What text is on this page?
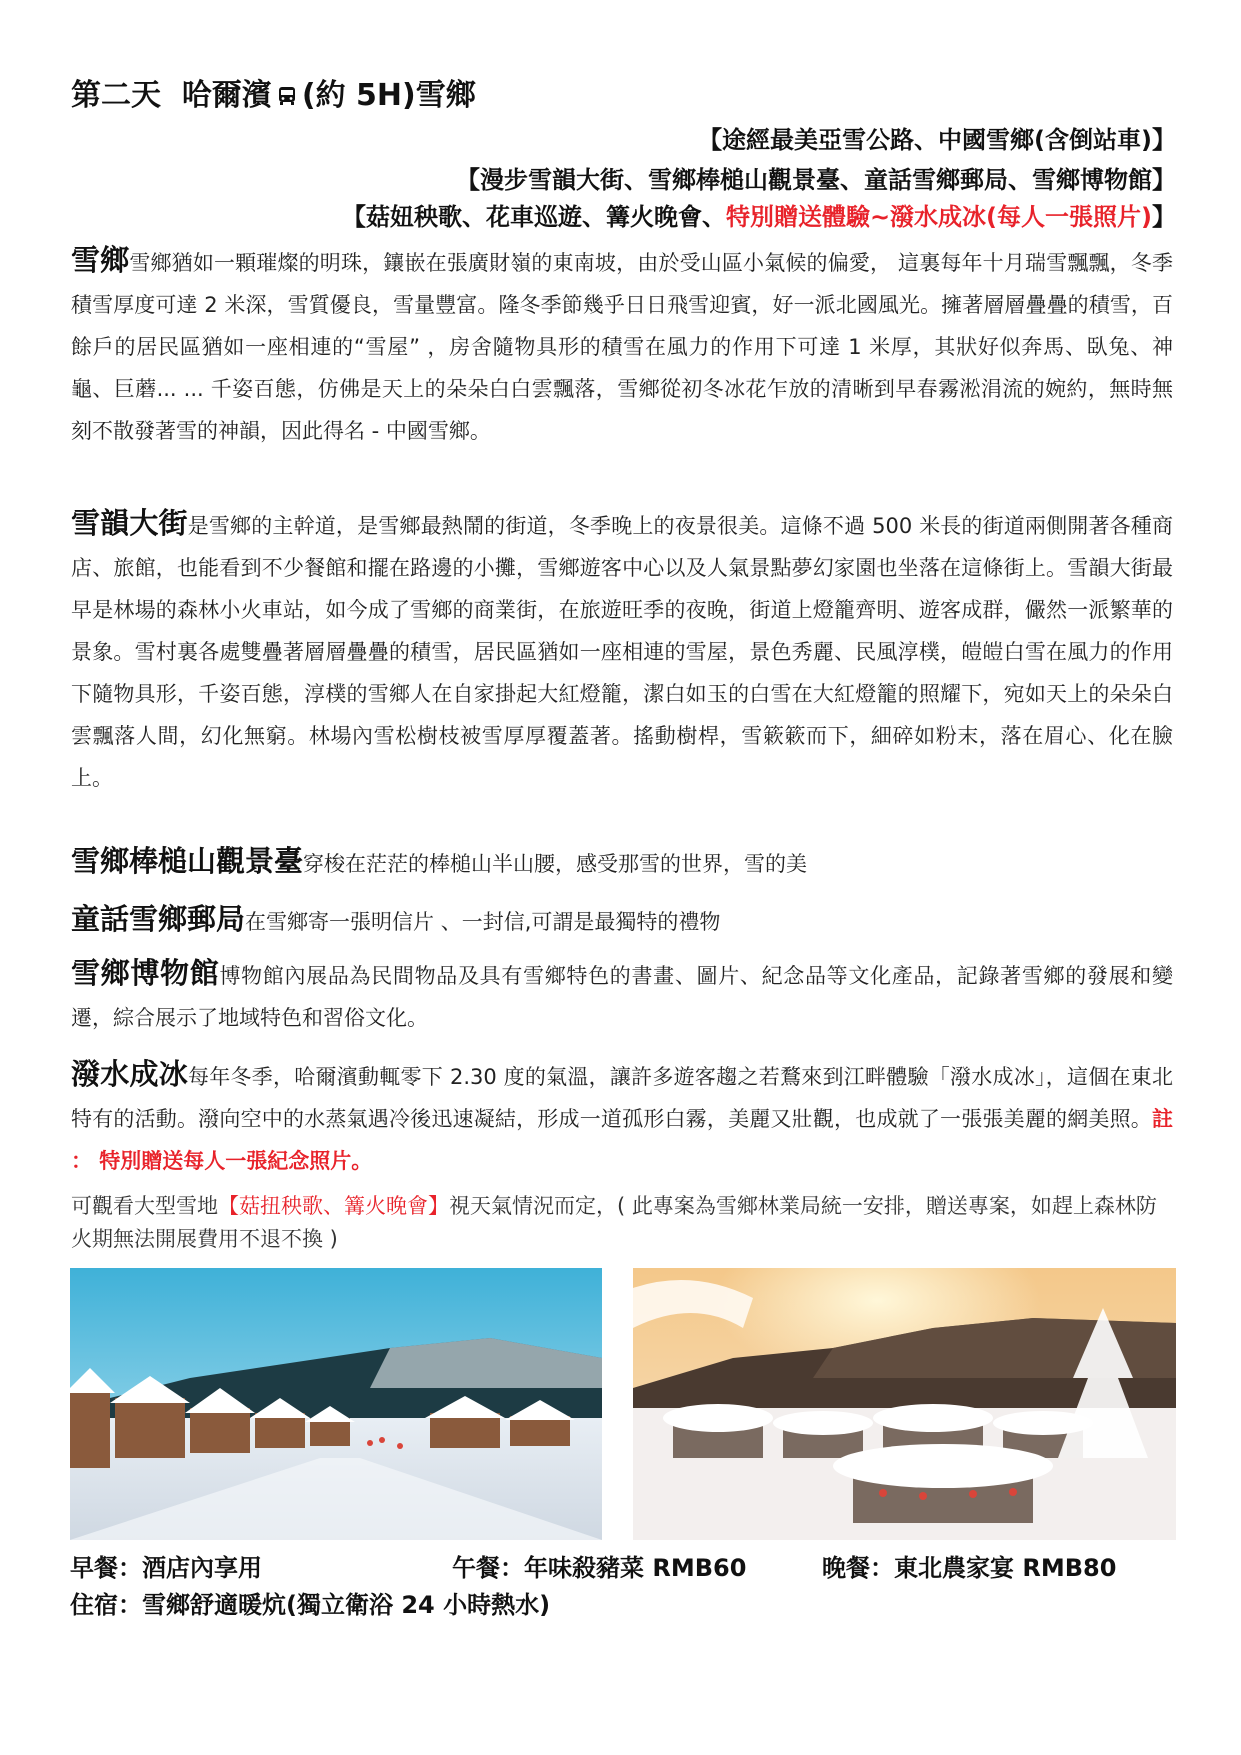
第二天 哈爾濱 (約 5H)雪鄉
【途經最美亞雪公路、中國雪鄉(含倒站車)】
【漫步雪韻大街、雪鄉棒槌山觀景臺、童話雪鄉郵局、雪鄉博物館】
【菇妞秧歌、花車巡遊、篝火晚會、特別贈送體驗~潑水成冰(每人一張照片)】
雪鄉雪鄉猶如一顆璀燦的明珠，鑲嵌在張廣財嶺的東南坡，由於受山區小氣候的偏愛， 這裏每年十月瑞雪飄飄，冬季積雪厚度可達 2 米深，雪質優良，雪量豐富。隆冬季節幾乎日日飛雪迎賓，好一派北國風光。擁著層層疊疊的積雪，百餘戶的居民區猶如一座相連的“雪屋” ，房舍隨物具形的積雪在風力的作用下可達 1 米厚，其狀好似奔馬、臥兔、神龜、巨蘑... ... 千姿百態，仿佛是天上的朵朵白白雲飄落，雪鄉從初冬冰花乍放的清晰到早春霧淞涓流的婉約，無時無刻不散發著雪的神韻，因此得名 - 中國雪鄉。
雪韻大街是雪鄉的主幹道，是雪鄉最熱鬧的街道，冬季晚上的夜景很美。這條不過 500 米長的街道兩側開著各種商店、旅館，也能看到不少餐館和擺在路邊的小攤，雪鄉遊客中心以及人氣景點夢幻家園也坐落在這條街上。雪韻大街最早是林場的森林小火車站，如今成了雪鄉的商業街，在旅遊旺季的夜晚，街道上燈籠齊明、遊客成群，儼然一派繁華的景象。雪村裏各處雙疊著層層疊疊的積雪，居民區猶如一座相連的雪屋，景色秀麗、民風淳樸，皚皚白雪在風力的作用下隨物具形，千姿百態，淳樸的雪鄉人在自家掛起大紅燈籠，潔白如玉的白雪在大紅燈籠的照耀下，宛如天上的朵朵白雲飄落人間，幻化無窮。林場內雪松樹枝被雪厚厚覆蓋著。搖動樹桿，雪簌簌而下，細碎如粉末，落在眉心、化在臉上。
雪鄉棒槌山觀景臺穿梭在茫茫的棒槌山半山腰，感受那雪的世界，雪的美
童話雪鄉郵局在雪鄉寄一張明信片 、一封信,可謂是最獨特的禮物
雪鄉博物館博物館內展品為民間物品及具有雪鄉特色的書畫、圖片、紀念品等文化產品，記錄著雪鄉的發展和變遷，綜合展示了地域特色和習俗文化。
潑水成冰每年冬季，哈爾濱動輒零下 2.30 度的氣溫，讓許多遊客趨之若鶩來到江畔體驗「潑水成冰」，這個在東北特有的活動。潑向空中的水蒸氣遇冷後迅速凝結，形成一道孤形白霧，美麗又壯觀，也成就了一張張美麗的網美照。註 ： 特別贈送每人一張紀念照片。
可觀看大型雪地【菇扭秧歌、篝火晚會】視天氣情況而定，( 此專案為雪鄉林業局統一安排，贈送專案，如趕上森林防火期無法開展費用不退不換 )
早餐：酒店內享用	午餐：年味殺豬菜 RMB60	晚餐：東北農家宴 RMB80
住宿：雪鄉舒適暖炕(獨立衛浴 24 小時熱水)
